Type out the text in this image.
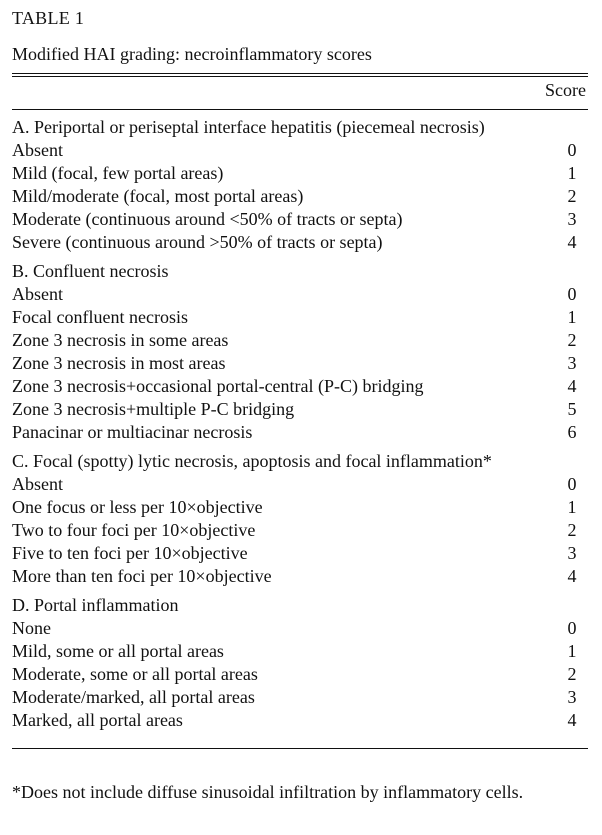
TABLE 1
Modified HAI grading: necroinflammatory scores
Score
A. Periportal or periseptal interface hepatitis (piecemeal necrosis)
Absent	0
Mild (focal, few portal areas)	1
Mild/moderate (focal, most portal areas)	2
Moderate (continuous around <50% of tracts or septa)	3
Severe (continuous around >50% of tracts or septa)	4
B. Confluent necrosis
Absent	0
Focal confluent necrosis	1
Zone 3 necrosis in some areas	2
Zone 3 necrosis in most areas	3
Zone 3 necrosis+occasional portal-central (P-C) bridging	4
Zone 3 necrosis+multiple P-C bridging	5
Panacinar or multiacinar necrosis	6
C. Focal (spotty) lytic necrosis, apoptosis and focal inflammation*
Absent	0
One focus or less per 10×objective	1
Two to four foci per 10×objective	2
Five to ten foci per 10×objective	3
More than ten foci per 10×objective	4
D. Portal inflammation
None	0
Mild, some or all portal areas	1
Moderate, some or all portal areas	2
Moderate/marked, all portal areas	3
Marked, all portal areas	4
*Does not include diffuse sinusoidal infiltration by inflammatory cells.
